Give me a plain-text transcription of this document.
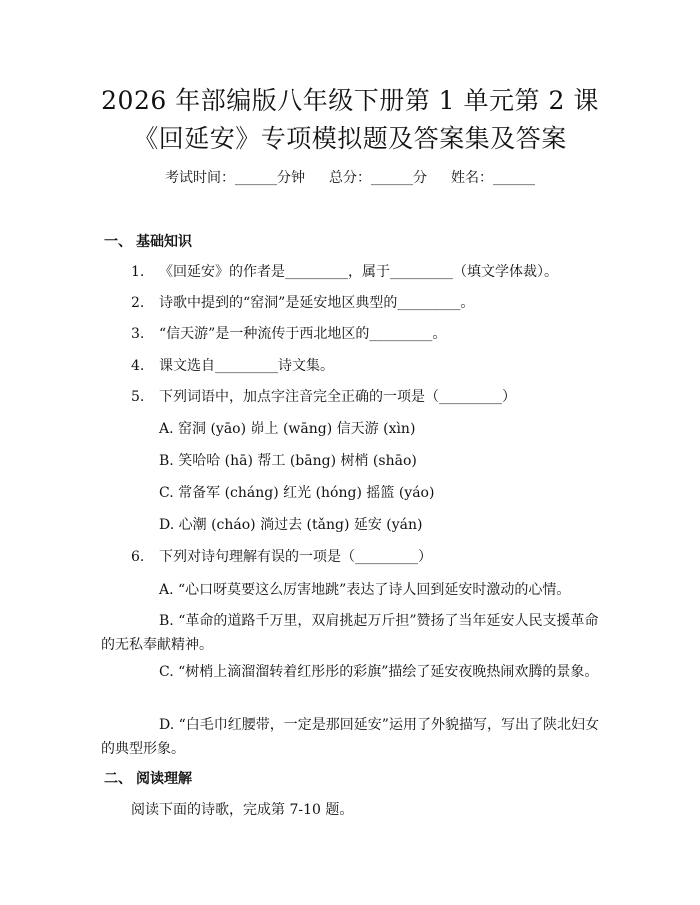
2026 年部编版八年级下册第 1 单元第 2 课
《回延安》专项模拟题及答案集及答案
考试时间：______分钟 总分：______分 姓名：______
一、 基础知识
1. 《回延安》的作者是_________，属于_________（填文学体裁）。
2. 诗歌中提到的“窑洞”是延安地区典型的_________。
3. “信天游”是一种流传于西北地区的_________。
4. 课文选自_________诗文集。
5. 下列词语中，加点字注音完全正确的一项是（_________）
A. 窑洞 (yāo) 峁上 (wāng) 信天游 (xìn)
B. 笑哈哈 (hā) 帮工 (bāng) 树梢 (shāo)
C. 常备军 (cháng) 红光 (hóng) 摇篮 (yáo)
D. 心潮 (cháo) 淌过去 (tǎng) 延安 (yán)
6. 下列对诗句理解有误的一项是（_________）
A. “心口呀莫要这么厉害地跳”表达了诗人回到延安时激动的心情。
B. “革命的道路千万里，双肩挑起万斤担”赞扬了当年延安人民支援革命的无私奉献精神。
C. “树梢上滴溜溜转着红彤彤的彩旗”描绘了延安夜晚热闹欢腾的景象。
D. “白毛巾红腰带，一定是那回延安”运用了外貌描写，写出了陕北妇女的典型形象。
二、 阅读理解
阅读下面的诗歌，完成第 7-10 题。
